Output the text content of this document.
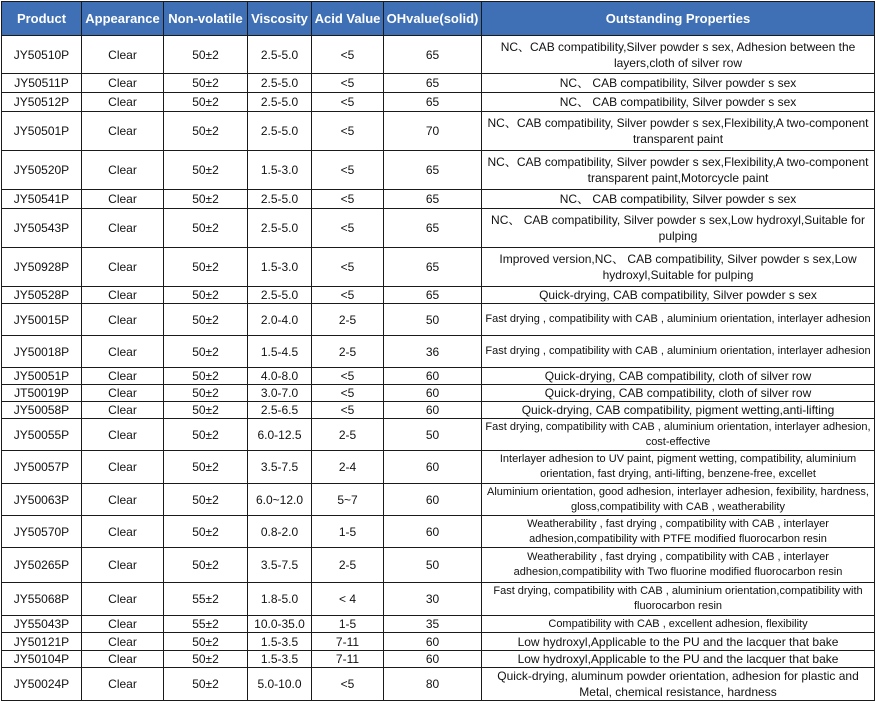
Product	Appearance	Non-volatile	Viscosity	Acid Value	OHvalue(solid)	Outstanding Properties
JY50510P	Clear	50±2	2.5-5.0	<5	65	NC、CAB compatibility,Silver powder s sex, Adhesion between the layers,cloth of silver row
JY50511P	Clear	50±2	2.5-5.0	<5	65	NC、 CAB compatibility, Silver powder s sex
JY50512P	Clear	50±2	2.5-5.0	<5	65	NC、 CAB compatibility, Silver powder s sex
JY50501P	Clear	50±2	2.5-5.0	<5	70	NC、CAB compatibility, Silver powder s sex,Flexibility,A two-component transparent paint
JY50520P	Clear	50±2	1.5-3.0	<5	65	NC、CAB compatibility, Silver powder s sex,Flexibility,A two-component transparent paint,Motorcycle paint
JY50541P	Clear	50±2	2.5-5.0	<5	65	NC、 CAB compatibility, Silver powder s sex
JY50543P	Clear	50±2	2.5-5.0	<5	65	NC、 CAB compatibility, Silver powder s sex,Low hydroxyl,Suitable for pulping
JY50928P	Clear	50±2	1.5-3.0	<5	65	Improved version,NC、 CAB compatibility, Silver powder s sex,Low hydroxyl,Suitable for pulping
JY50528P	Clear	50±2	2.5-5.0	<5	65	Quick-drying, CAB compatibility, Silver powder s sex
JY50015P	Clear	50±2	2.0-4.0	2-5	50	Fast drying , compatibility with CAB , aluminium orientation, interlayer adhesion
JY50018P	Clear	50±2	1.5-4.5	2-5	36	Fast drying , compatibility with CAB , aluminium orientation, interlayer adhesion
JY50051P	Clear	50±2	4.0-8.0	<5	60	Quick-drying, CAB compatibility, cloth of silver row
JT50019P	Clear	50±2	3.0-7.0	<5	60	Quick-drying, CAB compatibility, cloth of silver row
JY50058P	Clear	50±2	2.5-6.5	<5	60	Quick-drying, CAB compatibility, pigment wetting,anti-lifting
JY50055P	Clear	50±2	6.0-12.5	2-5	50	Fast drying, compatibility with CAB , aluminium orientation, interlayer adhesion, cost-effective
JY50057P	Clear	50±2	3.5-7.5	2-4	60	Interlayer adhesion to UV paint, pigment wetting, compatibility, aluminium orientation, fast drying, anti-lifting, benzene-free, excellet
JY50063P	Clear	50±2	6.0~12.0	5~7	60	Aluminium orientation, good adhesion, interlayer adhesion, fexibility, hardness, gloss,compatibility with CAB , weatherability
JY50570P	Clear	50±2	0.8-2.0	1-5	60	Weatherability , fast drying , compatibility with CAB , interlayer adhesion,compatibility with PTFE modified fluorocarbon resin
JY50265P	Clear	50±2	3.5-7.5	2-5	50	Weatherability , fast drying , compatibility with CAB , interlayer adhesion,compatibility with Two fluorine modified fluorocarbon resin
JY55068P	Clear	55±2	1.8-5.0	< 4	30	Fast drying, compatibility with CAB , aluminium orientation,compatibility with fluorocarbon resin
JY55043P	Clear	55±2	10.0-35.0	1-5	35	Compatibility with CAB , excellent adhesion, flexibility
JY50121P	Clear	50±2	1.5-3.5	7-11	60	Low hydroxyl,Applicable to the PU and the lacquer that bake
JY50104P	Clear	50±2	1.5-3.5	7-11	60	Low hydroxyl,Applicable to the PU and the lacquer that bake
JY50024P	Clear	50±2	5.0-10.0	<5	80	Quick-drying, aluminum powder orientation, adhesion for plastic and Metal, chemical resistance, hardness
